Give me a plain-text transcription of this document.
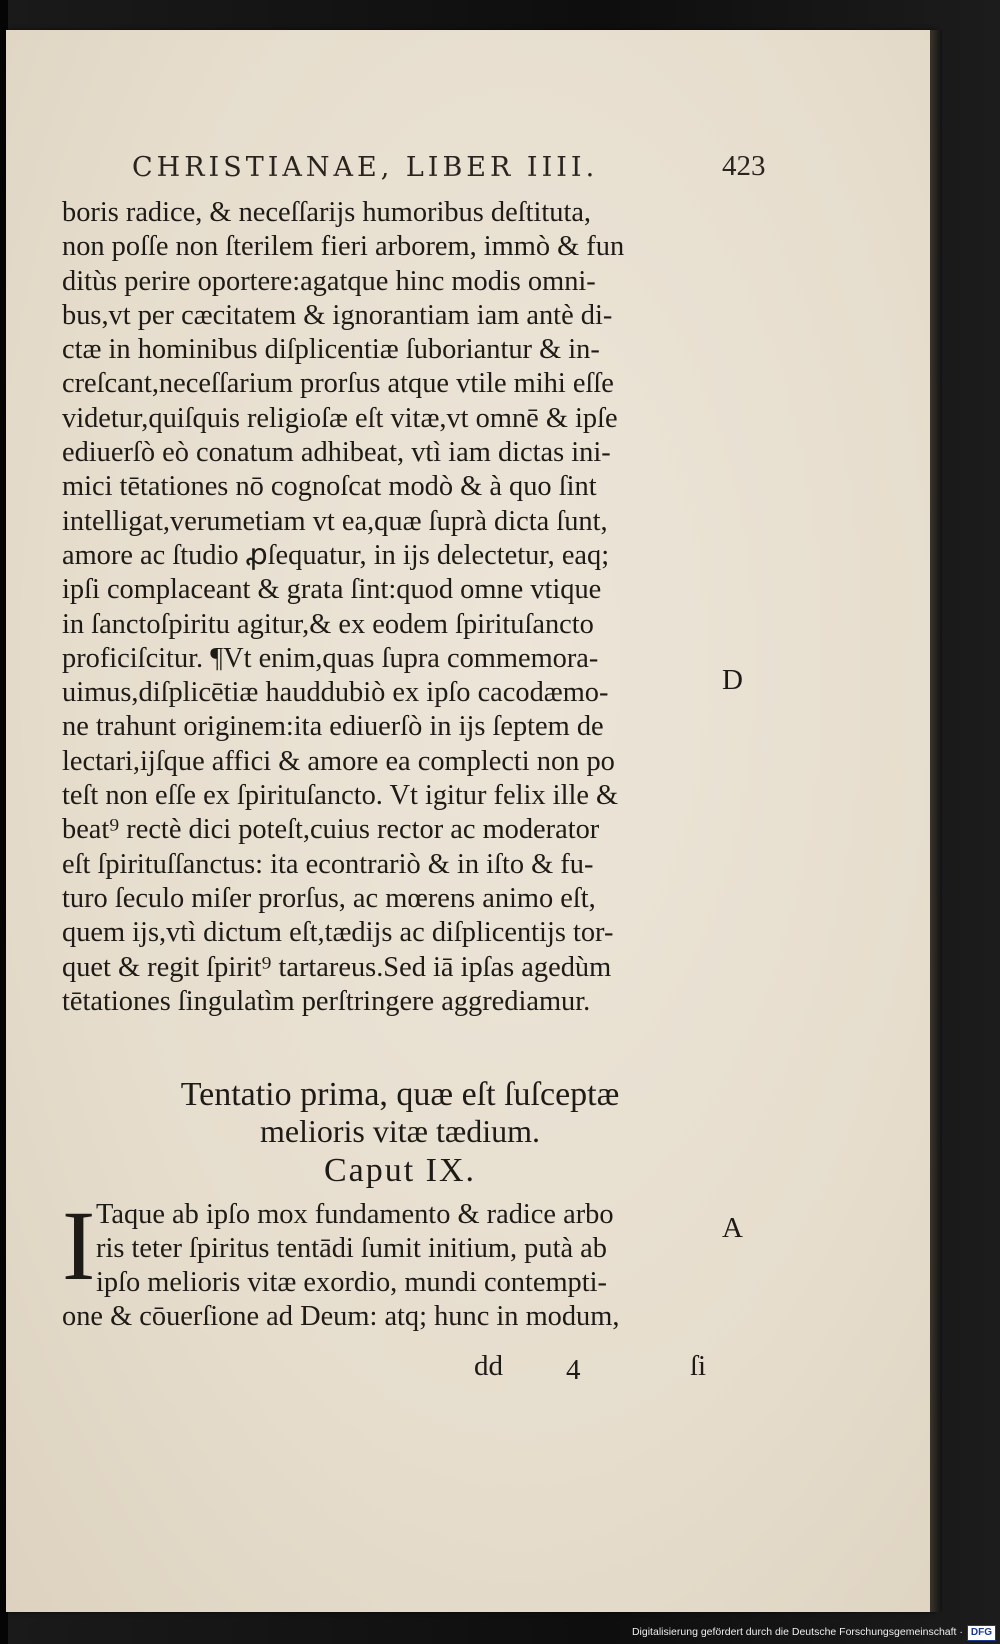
CHRISTIANAE, LIBER IIII.	423
boris radice, & neceſſarijs humoribus deſtituta,
non poſſe non ſterilem fieri arborem, immò & fun
ditùs perire oportere:agatque hinc modis omni-
bus,vt per cæcitatem & ignorantiam iam antè di-
ctæ in hominibus diſplicentiæ ſuboriantur & in-
creſcant,neceſſarium prorſus atque vtile mihi eſſe
videtur,quiſquis religioſæ eſt vitæ,vt omnē & ipſe
ediuerſò eò conatum adhibeat, vtì iam dictas ini-
mici tētationes nō cognoſcat modò & à quo ſint
intelligat,verumetiam vt ea,quæ ſuprà dicta ſunt,
amore ac ſtudio ꝓſequatur, in ijs delectetur, eaq;
ipſi complaceant & grata ſint:quod omne vtique
in ſanctoſpiritu agitur,& ex eodem ſpirituſancto
proficiſcitur. ¶Vt enim,quas ſupra commemora-
uimus,diſplicētiæ hauddubiò ex ipſo cacodæmo-
ne trahunt originem:ita ediuerſò in ijs ſeptem de
lectari,ijſque affici & amore ea complecti non po
teſt non eſſe ex ſpirituſancto. Vt igitur felix ille &
beat⁹ rectè dici poteſt,cuius rector ac moderator
eſt ſpirituſſanctus: ita econtrariò & in iſto & fu-
turo ſeculo miſer prorſus, ac mœrens animo eſt,
quem ijs,vtì dictum eſt,tædijs ac diſplicentijs tor-
quet & regit ſpirit⁹ tartareus.Sed iā ipſas agedùm
tētationes ſingulatìm perſtringere aggrediamur.
D
A
Tentatio prima, quæ eſt ſuſceptæ
melioris vitæ tædium.
Caput IX.
I Taque ab ipſo mox fundamento & radice arbo
ris teter ſpiritus tentādi ſumit initium, putà ab
ipſo melioris vitæ exordio, mundi contempti-
one & cōuerſione ad Deum: atq; hunc in modum,
dd 4	ſi
Digitalisierung gefördert durch die Deutsche Forschungsgemeinschaft · DFG
